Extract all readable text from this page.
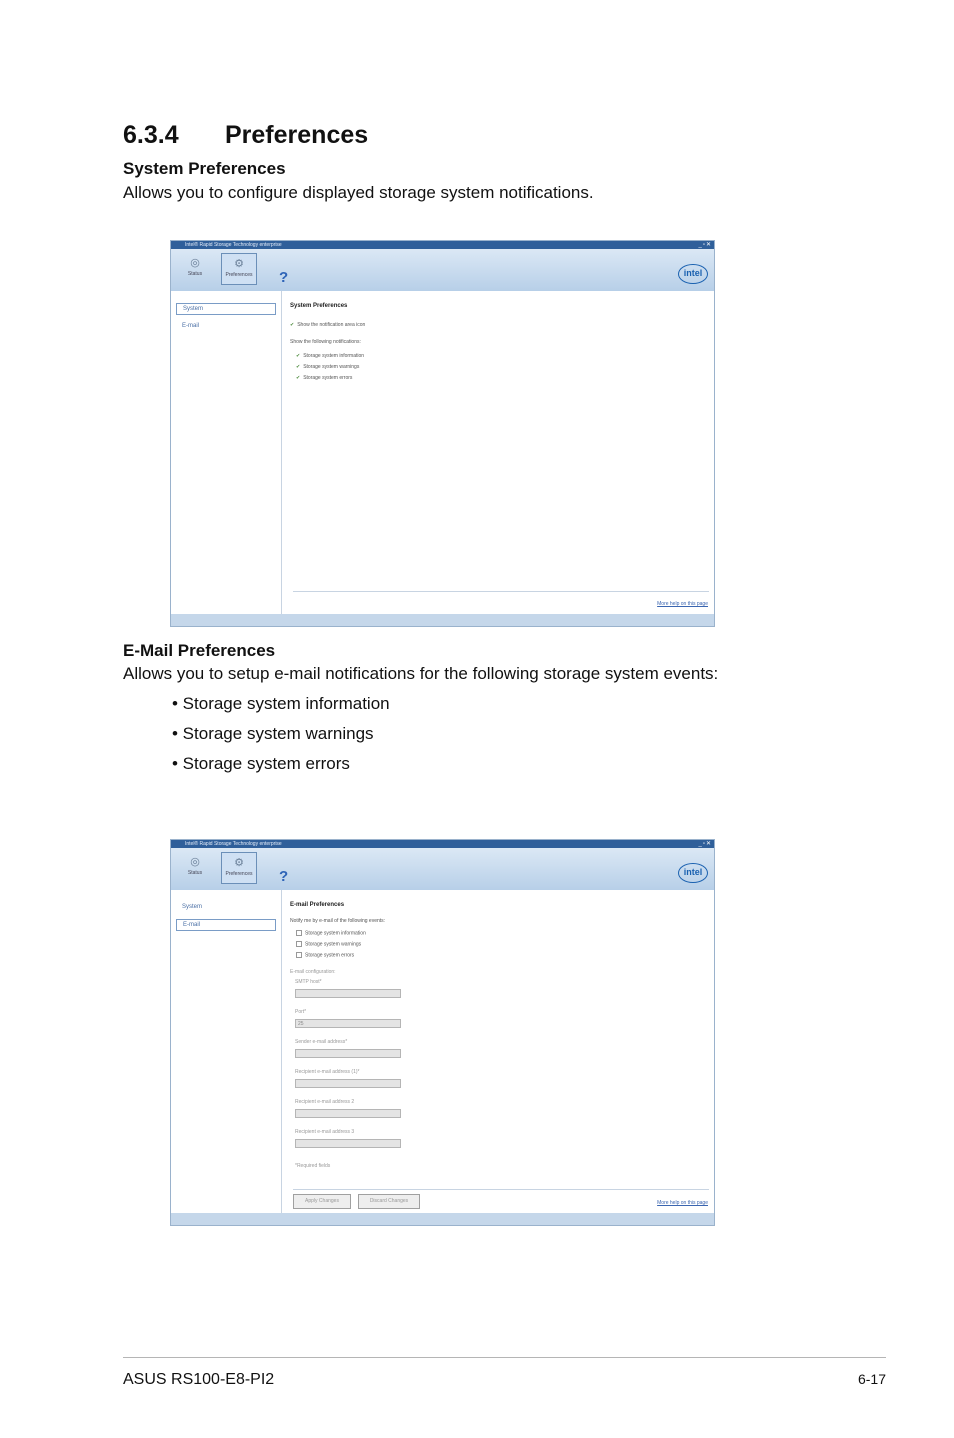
6.3.4 Preferences
System Preferences
Allows you to configure displayed storage system notifications.
Intel® Rapid Storage Technology enterprise	_▫✕
◎
Status
⚙
Preferences	?	intel
System
E-mail
System Preferences
✔ Show the notification area icon
Show the following notifications:
✔ Storage system information
✔ Storage system warnings
✔ Storage system errors
More help on this page
E-Mail Preferences
Allows you to setup e-mail notifications for the following storage system events:
• Storage system information
• Storage system warnings
• Storage system errors
Intel® Rapid Storage Technology enterprise	_▫✕
◎
Status
⚙
Preferences	?	intel
System
E-mail
E-mail Preferences
Notify me by e-mail of the following events:
Storage system information
Storage system warnings
Storage system errors
E-mail configuration:
SMTP host*
Port*
25
Sender e-mail address*
Recipient e-mail address (1)*
Recipient e-mail address 2
Recipient e-mail address 3
*Required fields
Apply Changes	Discard Changes	More help on this page
ASUS RS100-E8-PI2	6-17
